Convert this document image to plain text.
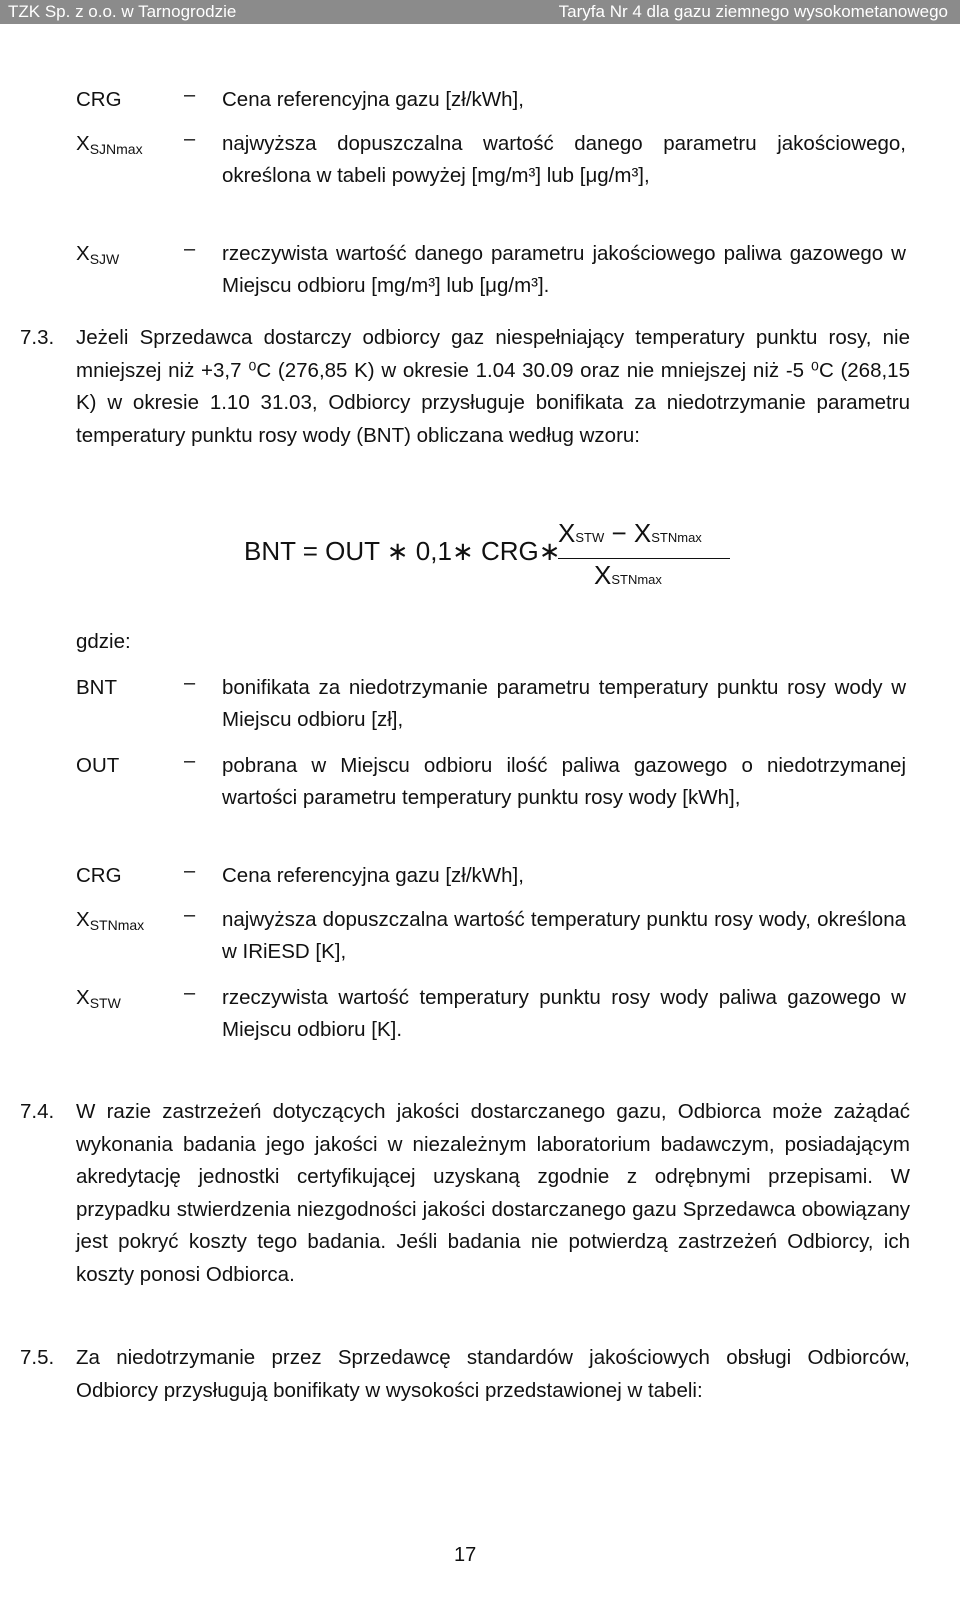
TZK Sp. z o.o. w Tarnogrodzie	Taryfa Nr 4 dla gazu ziemnego wysokometanowego
CRG	– Cena referencyjna gazu [zł/kWh],
$X_{SJNmax}$ – najwyższa dopuszczalna wartość danego parametru jakościowego, określona w tabeli powyżej [mg/m³] lub [μg/m³],
$X_{SJW}$	– rzeczywista wartość danego parametru jakościowego paliwa gazowego w Miejscu odbioru [mg/m³] lub [μg/m³].
7.3. Jeżeli Sprzedawca dostarczy odbiorcy gaz niespełniający temperatury punktu rosy, nie mniejszej niż +3,7 ⁰C (276,85 K) w okresie 1.04 30.09 oraz nie mniejszej niż -5 ⁰C (268,15 K) w okresie 1.10 31.03, Odbiorcy przysługuje bonifikata za niedotrzymanie parametru temperatury punktu rosy wody (BNT) obliczana według wzoru:
BNT = OUT ∗ 0,1∗ CRG∗
XSTW − XSTNmax
XSTNmax
gdzie:
BNT	– bonifikata za niedotrzymanie parametru temperatury punktu rosy wody w Miejscu odbioru [zł],
OUT	– pobrana w Miejscu odbioru ilość paliwa gazowego o niedotrzymanej wartości parametru temperatury punktu rosy wody [kWh],
CRG	– Cena referencyjna gazu [zł/kWh],
$X_{STNmax}$ – najwyższa dopuszczalna wartość temperatury punktu rosy wody, określona w IRiESD [K],
$X_{STW}$	– rzeczywista wartość temperatury punktu rosy wody paliwa gazowego w Miejscu odbioru [K].
7.4. W razie zastrzeżeń dotyczących jakości dostarczanego gazu, Odbiorca może zażądać wykonania badania jego jakości w niezależnym laboratorium badawczym, posiadającym akredytację jednostki certyfikującej uzyskaną zgodnie z odrębnymi przepisami. W przypadku stwierdzenia niezgodności jakości dostarczanego gazu Sprzedawca obowiązany jest pokryć koszty tego badania. Jeśli badania nie potwierdzą zastrzeżeń Odbiorcy, ich koszty ponosi Odbiorca.
7.5. Za niedotrzymanie przez Sprzedawcę standardów jakościowych obsługi Odbiorców, Odbiorcy przysługują bonifikaty w wysokości przedstawionej w tabeli:
17
